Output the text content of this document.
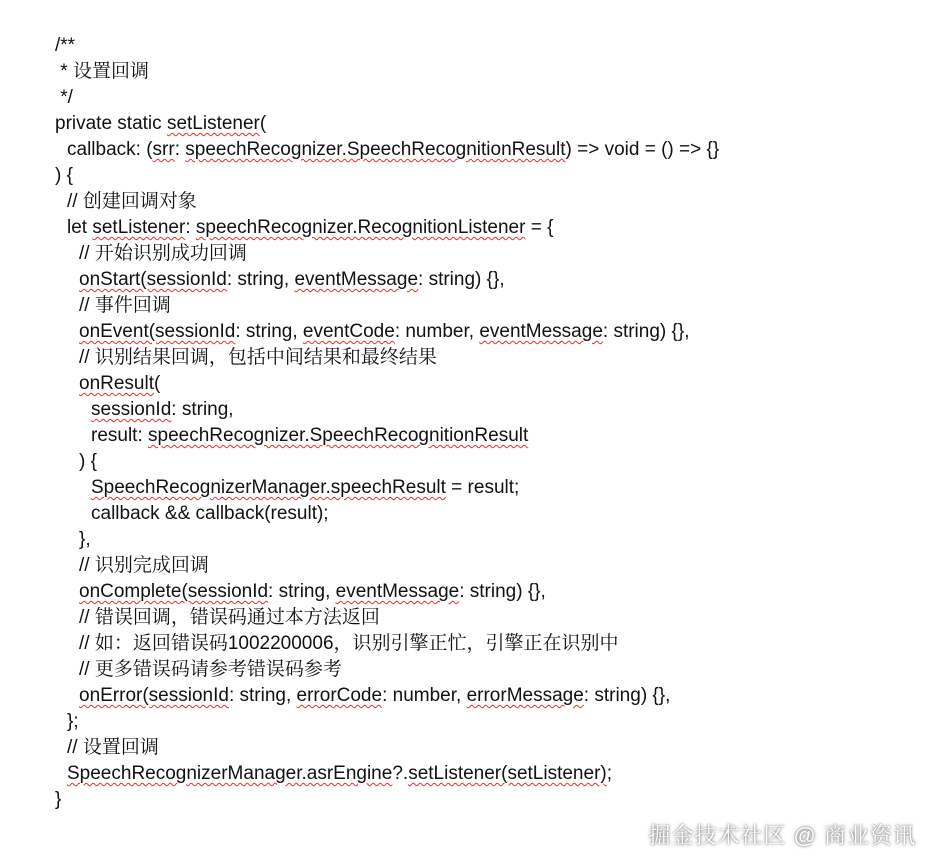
/**
* 设置回调
*/
private static setListener(
callback: (srr: speechRecognizer.SpeechRecognitionResult) => void = () => {}
) {
// 创建回调对象
let setListener: speechRecognizer.RecognitionListener = {
// 开始识别成功回调
onStart(sessionId: string, eventMessage: string) {},
// 事件回调
onEvent(sessionId: string, eventCode: number, eventMessage: string) {},
// 识别结果回调，包括中间结果和最终结果
onResult(
sessionId: string,
result: speechRecognizer.SpeechRecognitionResult
) {
SpeechRecognizerManager.speechResult = result;
callback && callback(result);
},
// 识别完成回调
onComplete(sessionId: string, eventMessage: string) {},
// 错误回调，错误码通过本方法返回
// 如：返回错误码1002200006，识别引擎正忙，引擎正在识别中
// 更多错误码请参考错误码参考
onError(sessionId: string, errorCode: number, errorMessage: string) {},
};
// 设置回调
SpeechRecognizerManager.asrEngine?.setListener(setListener);
}
掘金技术社区 @ 商业资讯
